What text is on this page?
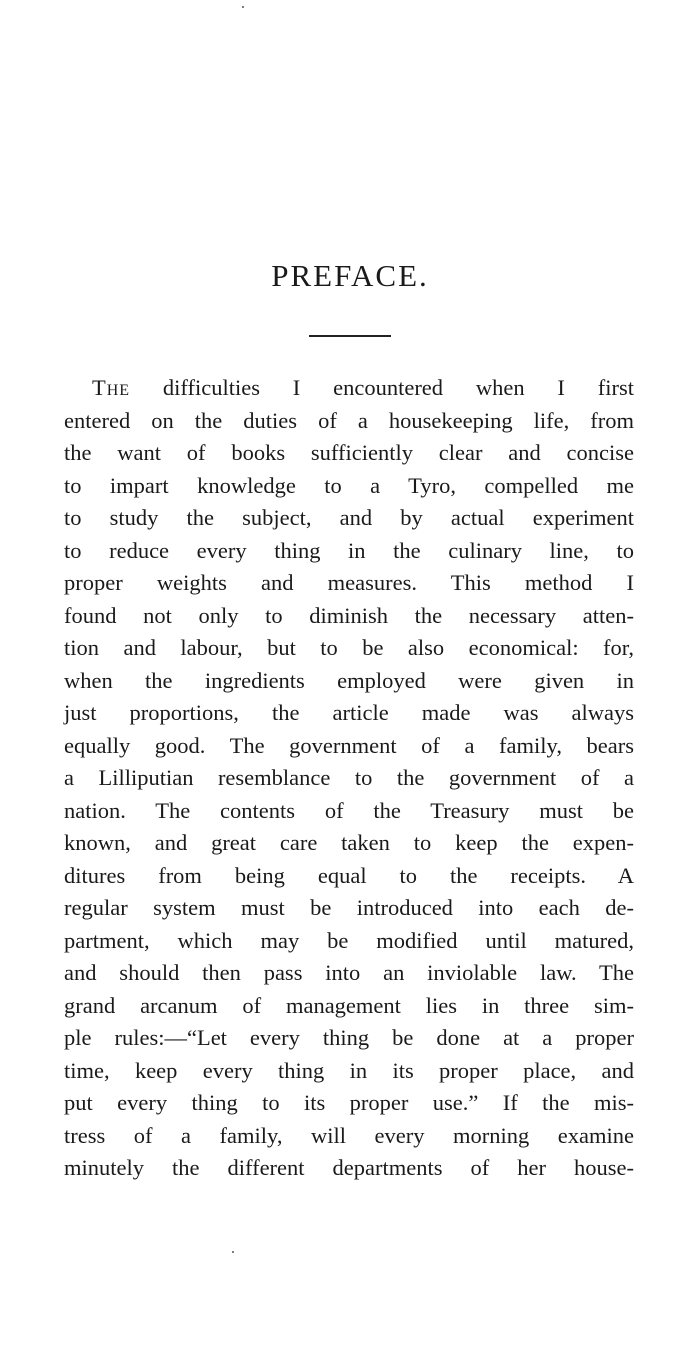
PREFACE.
The difficulties I encountered when I first
entered on the duties of a housekeeping life, from
the want of books sufficiently clear and concise
to impart knowledge to a Tyro, compelled me
to study the subject, and by actual experiment
to reduce every thing in the culinary line, to
proper weights and measures. This method I
found not only to diminish the necessary atten-
tion and labour, but to be also economical: for,
when the ingredients employed were given in
just proportions, the article made was always
equally good. The government of a family, bears
a Lilliputian resemblance to the government of a
nation. The contents of the Treasury must be
known, and great care taken to keep the expen-
ditures from being equal to the receipts. A
regular system must be introduced into each de-
partment, which may be modified until matured,
and should then pass into an inviolable law. The
grand arcanum of management lies in three sim-
ple rules:—“Let every thing be done at a proper
time, keep every thing in its proper place, and
put every thing to its proper use.” If the mis-
tress of a family, will every morning examine
minutely the different departments of her house-
